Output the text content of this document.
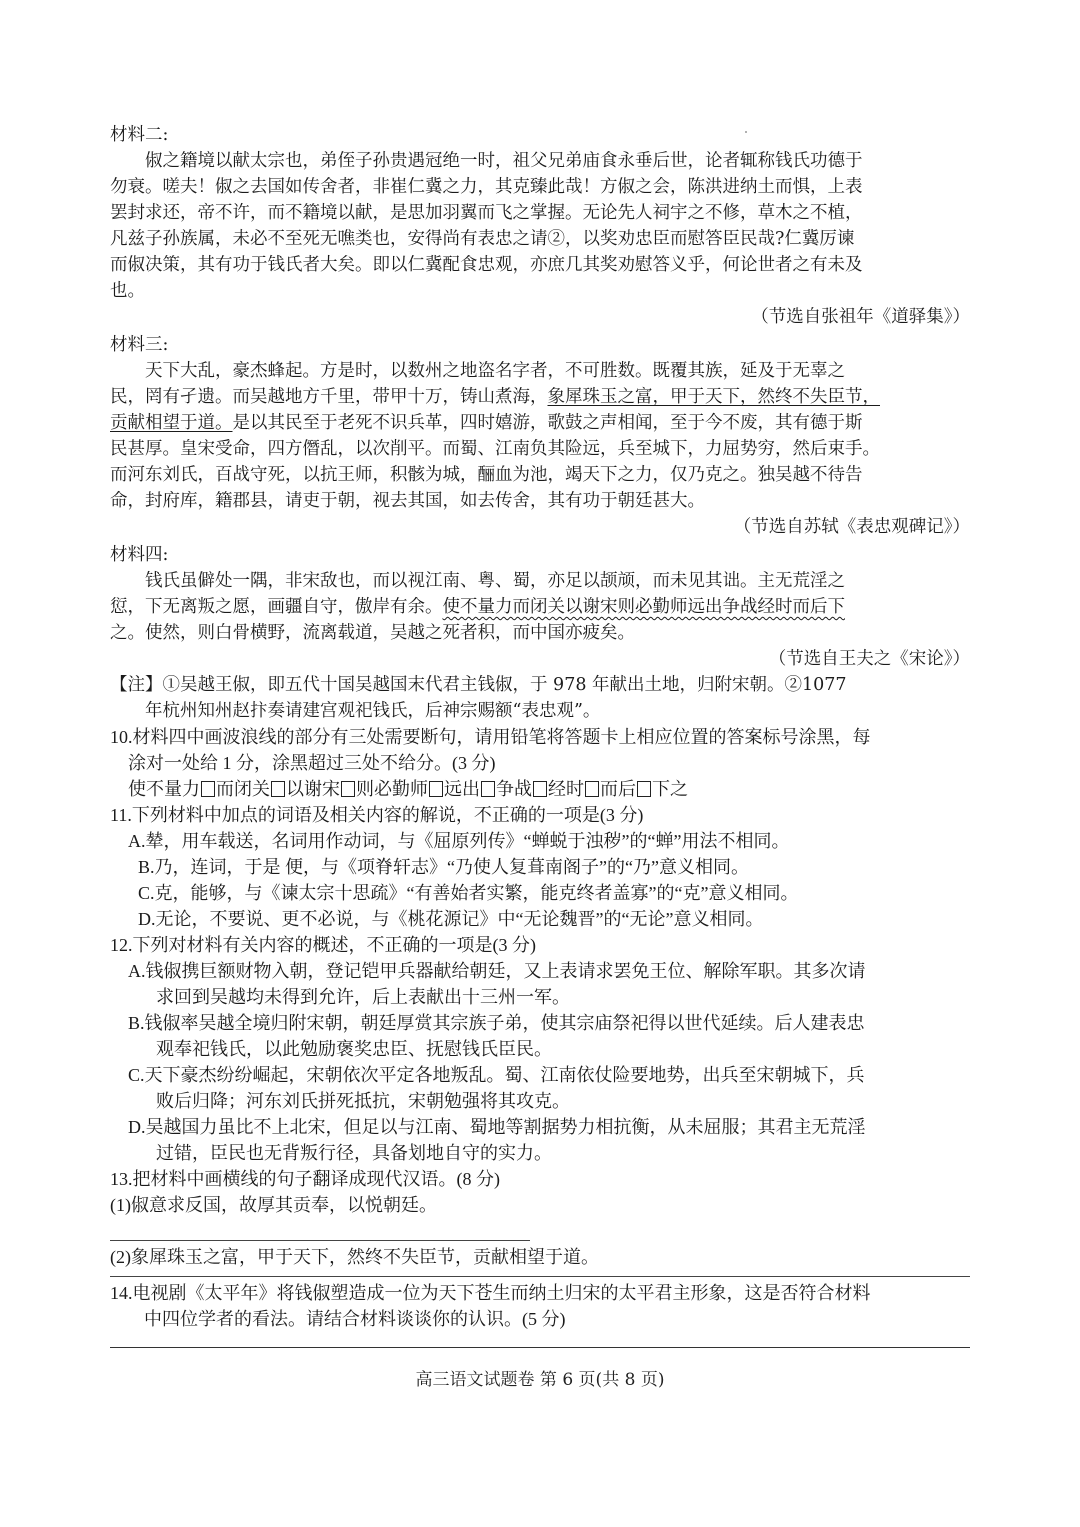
材料二:
俶之籍境以献太宗也，弟侄子孙贵遇冠绝一时，祖父兄弟庙食永垂后世，论者辄称钱氏功德于
勿衰。嗟夫！俶之去国如传舍者，非崔仁冀之力，其克臻此哉！方俶之会，陈洪进纳土而惧，上表
罢封求还，帝不许，而不籍境以献，是思加羽翼而飞之掌握。无论先人祠宇之不修，草木之不植，
凡兹子孙族属，未必不至死无噍类也，安得尚有表忠之请②，以奖劝忠臣而慰答臣民哉?仁冀厉谏
而俶决策，其有功于钱氏者大矣。即以仁冀配食忠观，亦庶几其奖劝慰答义乎，何论世者之有未及
也。
（节选自张祖年《道驿集》）
材料三:
天下大乱，豪杰蜂起。方是时，以数州之地盗名字者，不可胜数。既覆其族，延及于无辜之
民，罔有孑遗。而吴越地方千里，带甲十万，铸山煮海，象犀珠玉之富，甲于天下，然终不失臣节，
贡献相望于道。是以其民至于老死不识兵革，四时嬉游，歌鼓之声相闻，至于今不废，其有德于斯
民甚厚。皇宋受命，四方僭乱，以次削平。而蜀、江南负其险远，兵至城下，力屈势穷，然后束手。
而河东刘氏，百战守死，以抗王师，积骸为城，酾血为池，竭天下之力，仅乃克之。独吴越不待告
命，封府库，籍郡县，请吏于朝，视去其国，如去传舍，其有功于朝廷甚大。
（节选自苏轼《表忠观碑记》）
材料四:
钱氏虽僻处一隅，非宋敌也，而以视江南、粤、蜀，亦足以颉颃，而未见其诎。主无荒淫之
愆，下无离叛之愿，画疆自守，傲岸有余。使不量力而闭关以谢宋则必勤师远出争战经时而后下
之。使然，则白骨横野，流离载道，吴越之死者积，而中国亦疲矣。
（节选自王夫之《宋论》）
【注】①吴越王俶，即五代十国吴越国末代君主钱俶，于 978 年献出土地，归附宋朝。②1077
年杭州知州赵抃奏请建宫观祀钱氏，后神宗赐额“表忠观”。
10.材料四中画波浪线的部分有三处需要断句，请用铅笔将答题卡上相应位置的答案标号涂黑，每
涂对一处给 1 分，涂黑超过三处不给分。(3 分)
使不量力 而闭关 以谢宋 则必勤师 远出 争战 经时 而后 下之
11.下列材料中加点的词语及相关内容的解说，不正确的一项是(3 分)
A.辇，用车载送，名词用作动词，与《屈原列传》“蝉蜕于浊秽”的“蝉”用法不相同。
B.乃，连词，于是 便，与《项脊轩志》“乃使人复葺南阁子”的“乃”意义相同。
C.克，能够，与《谏太宗十思疏》“有善始者实繁，能克终者盖寡”的“克”意义相同。
D.无论，不要说、更不必说，与《桃花源记》中“无论魏晋”的“无论”意义相同。
12.下列对材料有关内容的概述，不正确的一项是(3 分)
A.钱俶携巨额财物入朝，登记铠甲兵器献给朝廷，又上表请求罢免王位、解除军职。其多次请
求回到吴越均未得到允许，后上表献出十三州一军。
B.钱俶率吴越全境归附宋朝，朝廷厚赏其宗族子弟，使其宗庙祭祀得以世代延续。后人建表忠
观奉祀钱氏，以此勉励褒奖忠臣、抚慰钱氏臣民。
C.天下豪杰纷纷崛起，宋朝依次平定各地叛乱。蜀、江南依仗险要地势，出兵至宋朝城下，兵
败后归降；河东刘氏拼死抵抗，宋朝勉强将其攻克。
D.吴越国力虽比不上北宋，但足以与江南、蜀地等割据势力相抗衡，从未屈服；其君主无荒淫
过错，臣民也无背叛行径，具备划地自守的实力。
13.把材料中画横线的句子翻译成现代汉语。(8 分)
(1)俶意求反国，故厚其贡奉，以悦朝廷。
(2)象犀珠玉之富，甲于天下，然终不失臣节，贡献相望于道。
14.电视剧《太平年》将钱俶塑造成一位为天下苍生而纳土归宋的太平君主形象，这是否符合材料
中四位学者的看法。请结合材料谈谈你的认识。(5 分)
高三语文试题卷 第 6 页(共 8 页)
